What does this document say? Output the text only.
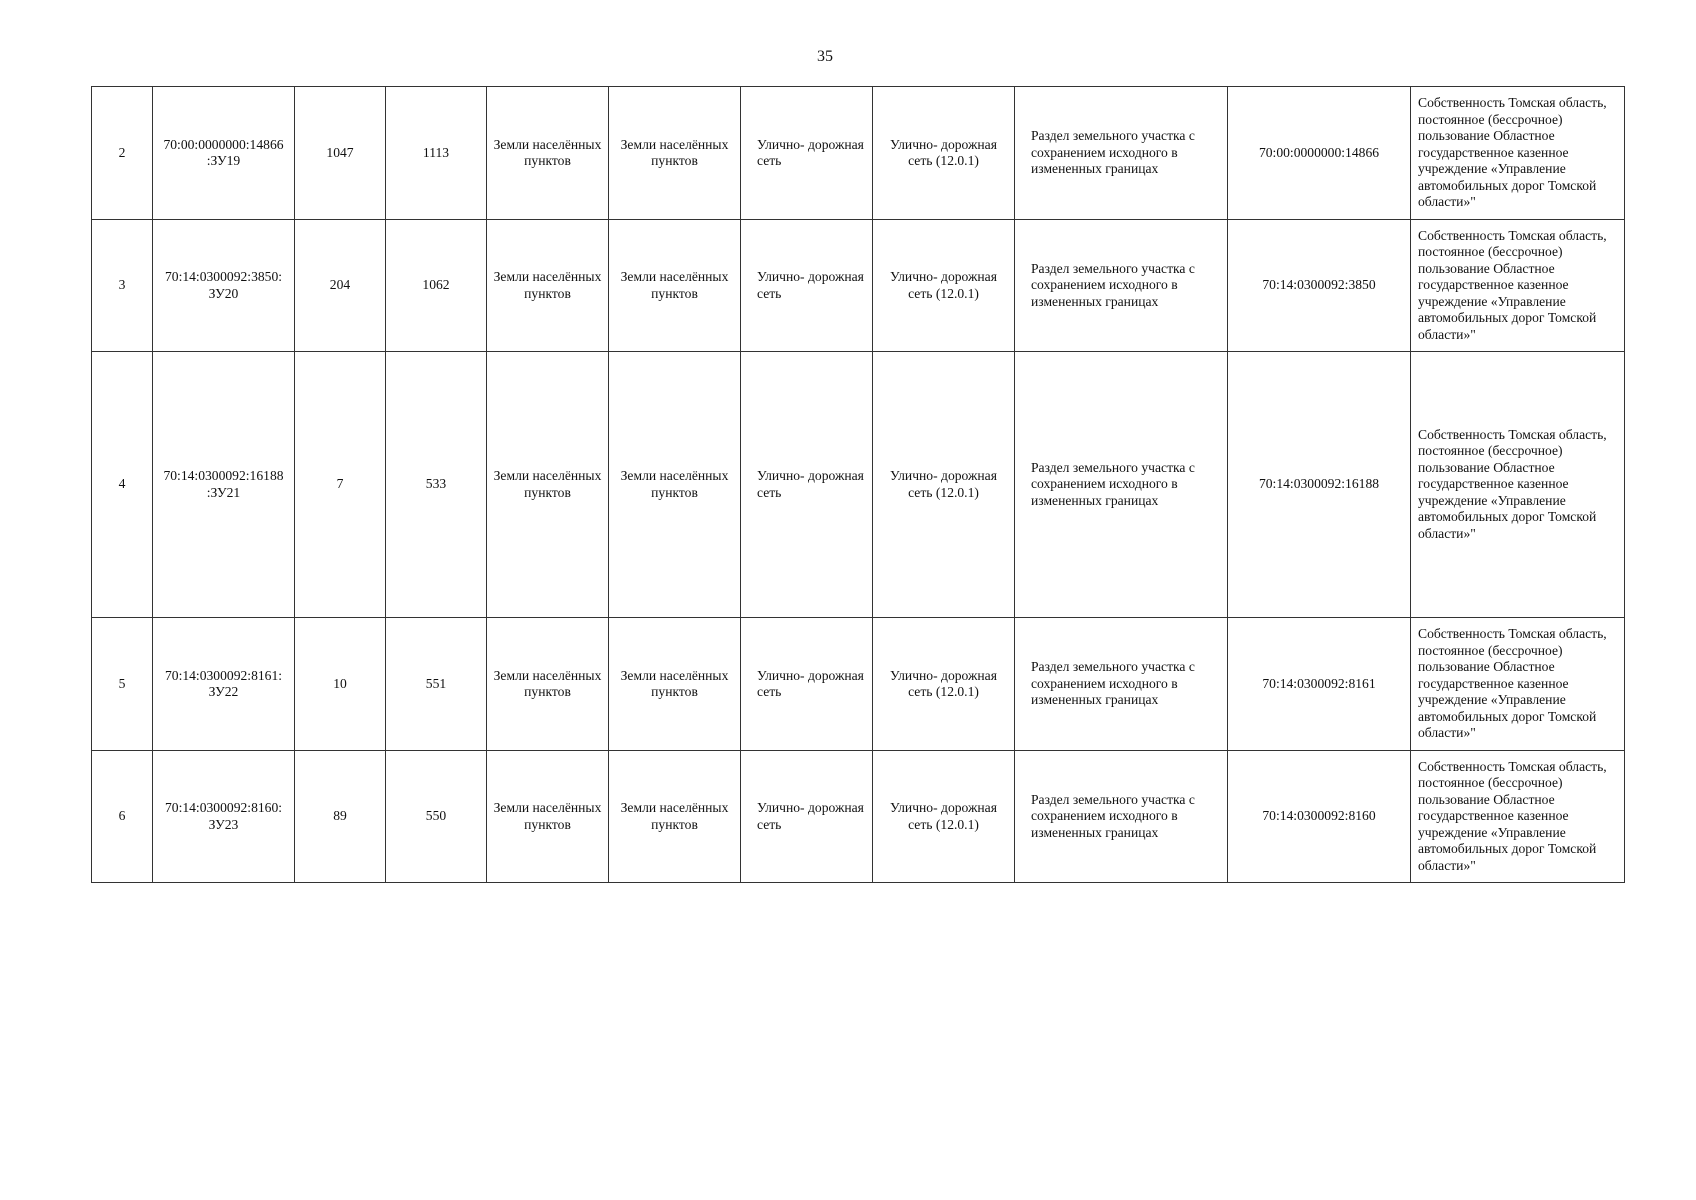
35
2	70:00:0000000:14866 :ЗУ19	1047	1113	Земли населённых пунктов	Земли населённых пунктов	Улично- дорожная сеть	Улично- дорожная сеть (12.0.1)	Раздел земельного участка с сохранением исходного в измененных границах	70:00:0000000:14866	Собственность Томская область, постоянное (бессрочное) пользование Областное государственное казенное учреждение «Управление автомобильных дорог Томской области»"
3	70:14:0300092:3850: ЗУ20	204	1062	Земли населённых пунктов	Земли населённых пунктов	Улично- дорожная сеть	Улично- дорожная сеть (12.0.1)	Раздел земельного участка с сохранением исходного в измененных границах	70:14:0300092:3850	Собственность Томская область, постоянное (бессрочное) пользование Областное государственное казенное учреждение «Управление автомобильных дорог Томской области»"
4	70:14:0300092:16188 :ЗУ21	7	533	Земли населённых пунктов	Земли населённых пунктов	Улично- дорожная сеть	Улично- дорожная сеть (12.0.1)	Раздел земельного участка с сохранением исходного в измененных границах	70:14:0300092:16188	Собственность Томская область, постоянное (бессрочное) пользование Областное государственное казенное учреждение «Управление автомобильных дорог Томской области»"
5	70:14:0300092:8161: ЗУ22	10	551	Земли населённых пунктов	Земли населённых пунктов	Улично- дорожная сеть	Улично- дорожная сеть (12.0.1)	Раздел земельного участка с сохранением исходного в измененных границах	70:14:0300092:8161	Собственность Томская область, постоянное (бессрочное) пользование Областное государственное казенное учреждение «Управление автомобильных дорог Томской области»"
6	70:14:0300092:8160: ЗУ23	89	550	Земли населённых пунктов	Земли населённых пунктов	Улично- дорожная сеть	Улично- дорожная сеть (12.0.1)	Раздел земельного участка с сохранением исходного в измененных границах	70:14:0300092:8160	Собственность Томская область, постоянное (бессрочное) пользование Областное государственное казенное учреждение «Управление автомобильных дорог Томской области»"
